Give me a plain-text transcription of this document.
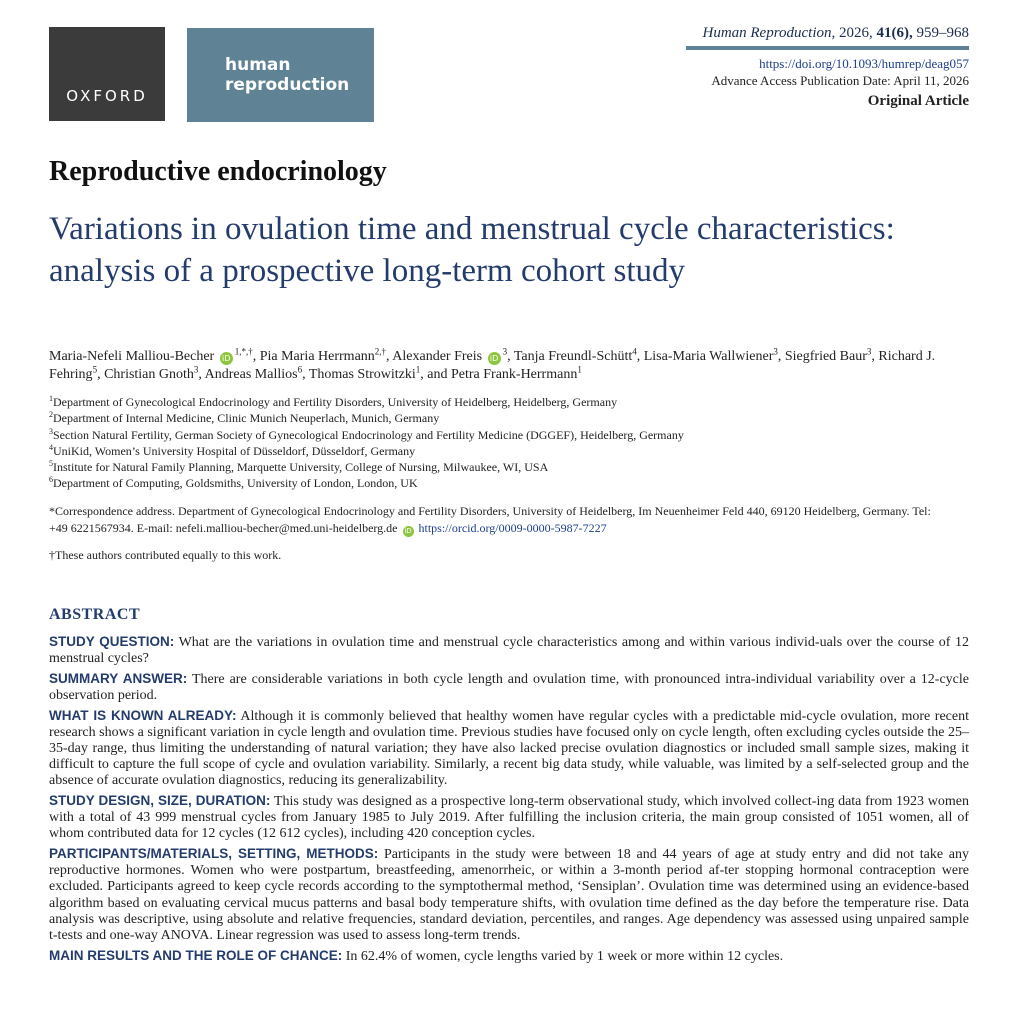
OXFORD
human
reproduction
Human Reproduction, 2026, 41(6), 959–968
https://doi.org/10.1093/humrep/deag057
Advance Access Publication Date: April 11, 2026
Original Article
Reproductive endocrinology
Variations in ovulation time and menstrual cycle characteristics: analysis of a prospective long-term cohort study
Maria-Nefeli Malliou-Becher $iD^{1,*,\dagger}$, Pia Maria Herrmann$^{2,\dagger}$, Alexander Freis $iD^3$, Tanja Freundl-Schütt$^4$, Lisa-Maria Wallwiener$^3$, Siegfried Baur$^3$, Richard J. Fehring$^5$, Christian Gnoth$^3$, Andreas Mallios$^6$, Thomas Strowitzki$^1$, and Petra Frank-Herrmann$^1$
$^1$Department of Gynecological Endocrinology and Fertility Disorders, University of Heidelberg, Heidelberg, Germany
$^2$Department of Internal Medicine, Clinic Munich Neuperlach, Munich, Germany
$^3$Section Natural Fertility, German Society of Gynecological Endocrinology and Fertility Medicine (DGGEF), Heidelberg, Germany
$^4$UniKid, Women’s University Hospital of Düsseldorf, Düsseldorf, Germany
$^5$Institute for Natural Family Planning, Marquette University, College of Nursing, Milwaukee, WI, USA
$^6$Department of Computing, Goldsmiths, University of London, London, UK
*Correspondence address. Department of Gynecological Endocrinology and Fertility Disorders, University of Heidelberg, Im Neuenheimer Feld 440, 69120 Heidelberg, Germany. Tel: +49 6221567934. E-mail: nefeli.malliou-becher@med.uni-heidelberg.de iD https://orcid.org/0009-0000-5987-7227
†These authors contributed equally to this work.
ABSTRACT

STUDY QUESTION: What are the variations in ovulation time and menstrual cycle characteristics among and within various individ-uals over the course of 12 menstrual cycles?

SUMMARY ANSWER: There are considerable variations in both cycle length and ovulation time, with pronounced intra-individual variability over a 12-cycle observation period.

WHAT IS KNOWN ALREADY: Although it is commonly believed that healthy women have regular cycles with a predictable mid-cycle ovulation, more recent research shows a significant variation in cycle length and ovulation time. Previous studies have focused only on cycle length, often excluding cycles outside the 25–35-day range, thus limiting the understanding of natural variation; they have also lacked precise ovulation diagnostics or included small sample sizes, making it difficult to capture the full scope of cycle and ovulation variability. Similarly, a recent big data study, while valuable, was limited by a self-selected group and the absence of accurate ovulation diagnostics, reducing its generalizability.

STUDY DESIGN, SIZE, DURATION: This study was designed as a prospective long-term observational study, which involved collect-ing data from 1923 women with a total of 43 999 menstrual cycles from January 1985 to July 2019. After fulfilling the inclusion criteria, the main group consisted of 1051 women, all of whom contributed data for 12 cycles (12 612 cycles), including 420 conception cycles.

PARTICIPANTS/MATERIALS, SETTING, METHODS: Participants in the study were between 18 and 44 years of age at study entry and did not take any reproductive hormones. Women who were postpartum, breastfeeding, amenorrheic, or within a 3-month period af-ter stopping hormonal contraception were excluded. Participants agreed to keep cycle records according to the symptothermal method, ‘Sensiplan’. Ovulation time was determined using an evidence-based algorithm based on evaluating cervical mucus patterns and basal body temperature shifts, with ovulation time defined as the day before the temperature rise. Data analysis was descriptive, using absolute and relative frequencies, standard deviation, percentiles, and ranges. Age dependency was assessed using unpaired sample t-tests and one-way ANOVA. Linear regression was used to assess long-term trends.

MAIN RESULTS AND THE ROLE OF CHANCE: In 62.4% of women, cycle lengths varied by 1 week or more within 12 cycles.
